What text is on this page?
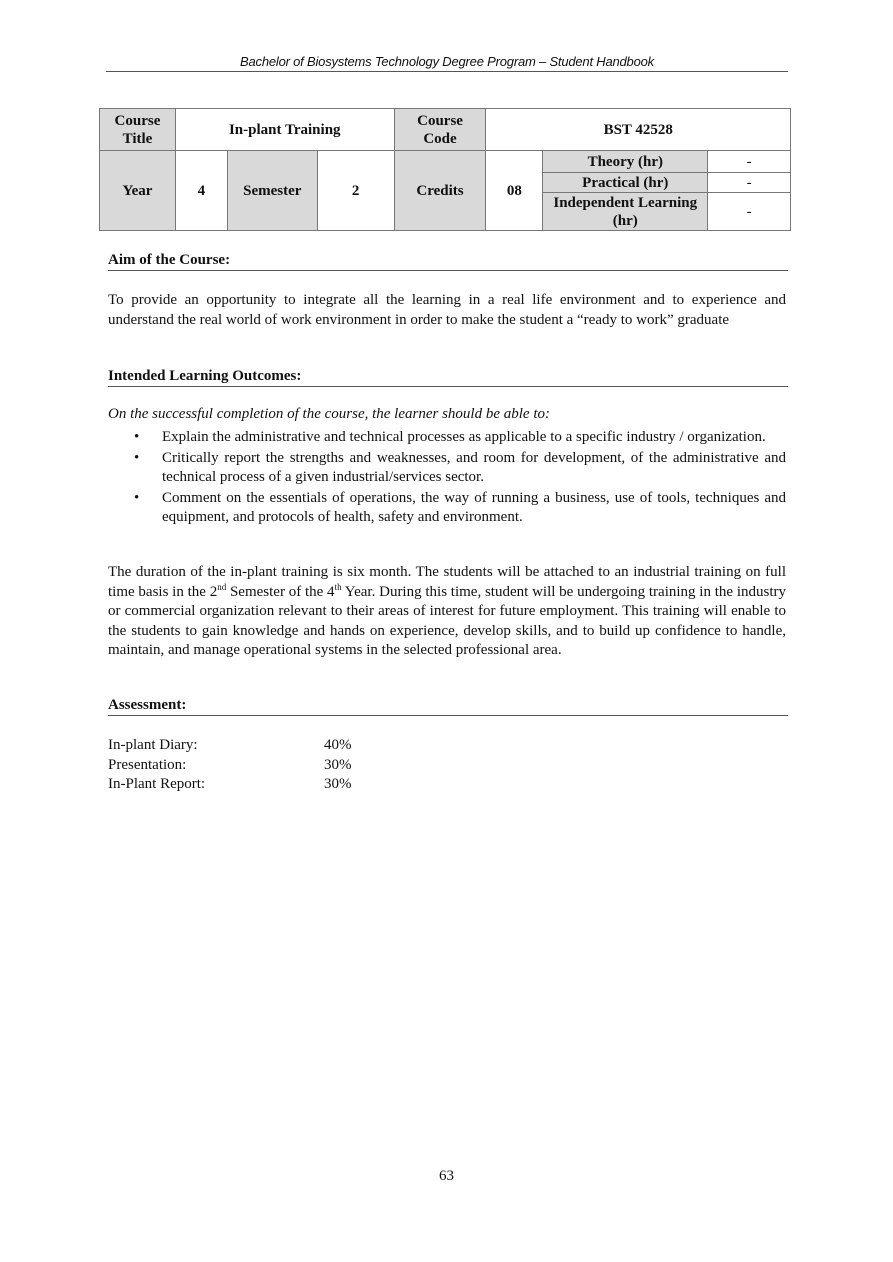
Bachelor of Biosystems Technology Degree Program – Student Handbook
Course Title	In-plant Training			Course Code	BST 42528		
Year	4	Semester	2	Credits	08	Theory (hr)	-
						Practical (hr)	-
						Independent Learning (hr)	-
Aim of the Course:
To provide an opportunity to integrate all the learning in a real life environment and to experience and understand the real world of work environment in order to make the student a “ready to work” graduate
Intended Learning Outcomes:
On the successful completion of the course, the learner should be able to:
• Explain the administrative and technical processes as applicable to a specific industry / organization.
• Critically report the strengths and weaknesses, and room for development, of the administrative and technical process of a given industrial/services sector.
• Comment on the essentials of operations, the way of running a business, use of tools, techniques and equipment, and protocols of health, safety and environment.
The duration of the in-plant training is six month. The students will be attached to an industrial training on full time basis in the 2nd Semester of the 4th Year. During this time, student will be undergoing training in the industry or commercial organization relevant to their areas of interest for future employment. This training will enable to the students to gain knowledge and hands on experience, develop skills, and to build up confidence to handle, maintain, and manage operational systems in the selected professional area.
Assessment:
In-plant Diary:	40%
Presentation:	30%
In-Plant Report:	30%
63
